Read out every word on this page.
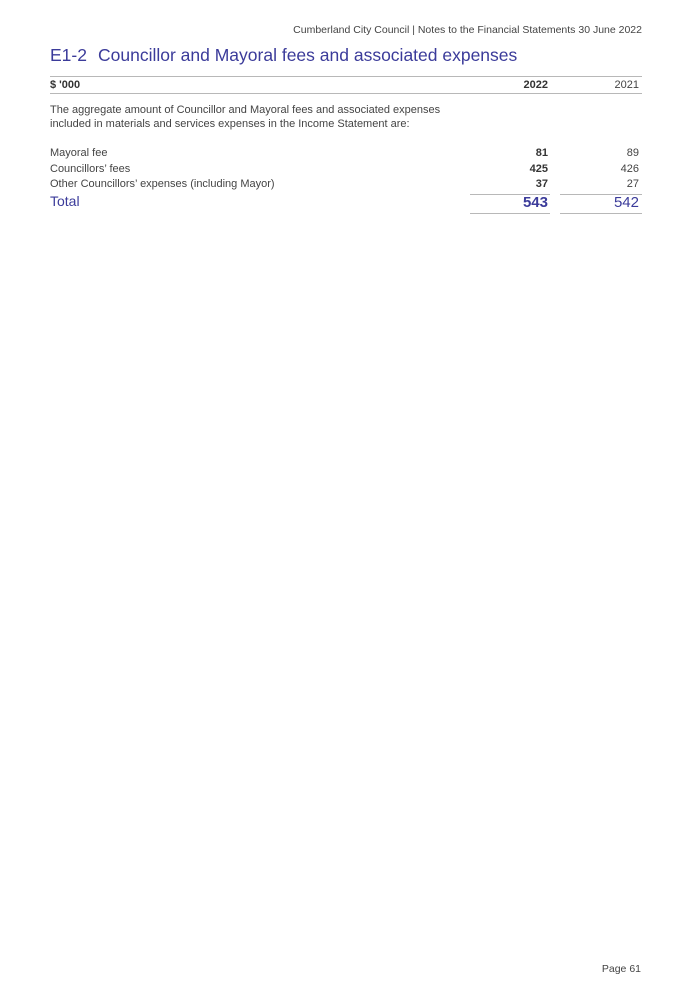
Cumberland City Council | Notes to the Financial Statements 30 June 2022
E1-2 Councillor and Mayoral fees and associated expenses
$ '000	2022	2021
The aggregate amount of Councillor and Mayoral fees and associated expenses
included in materials and services expenses in the Income Statement are:
Mayoral fee	81	89
Councillors’ fees	425	426
Other Councillors’ expenses (including Mayor)	37	27
Total	543	542
Page 61
